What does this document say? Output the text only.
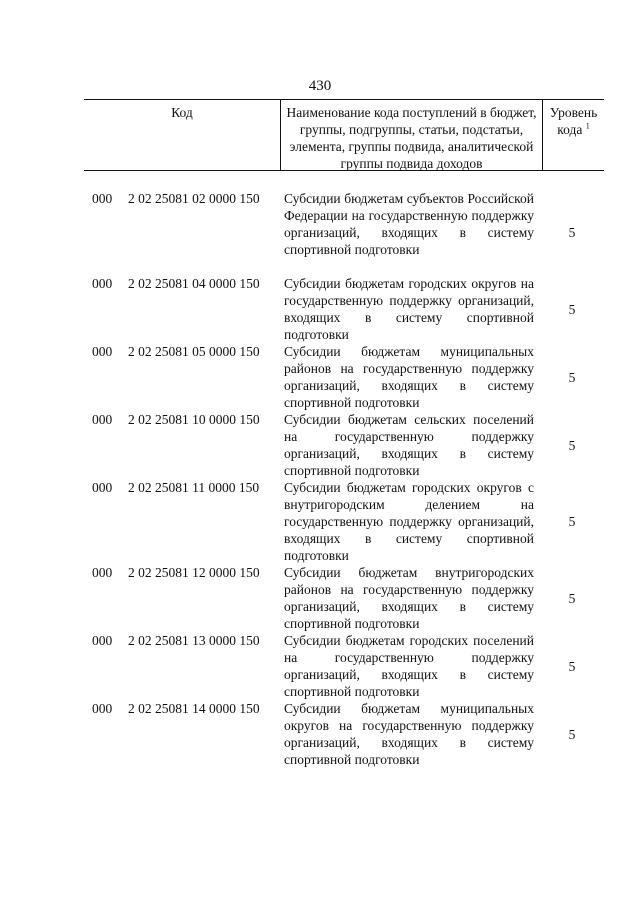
430
Код	Наименование кода поступлений в бюджет, группы, подгруппы, статьи, подстатьи, элемента, группы подвида, аналитической группы подвида доходов
Уровень
кода $^1$
000 2 02 25081 02 0000 150 Субсидии бюджетам субъектов Российской Федерации на государственную поддержку организаций, входящих в систему спортивной подготовки
5
000 2 02 25081 04 0000 150 Субсидии бюджетам городских округов на государственную поддержку организаций, входящих в систему спортивной подготовки
5
000 2 02 25081 05 0000 150 Субсидии бюджетам муниципальных районов на государственную поддержку организаций, входящих в систему спортивной подготовки
5
000 2 02 25081 10 0000 150 Субсидии бюджетам сельских поселений на государственную поддержку организаций, входящих в систему спортивной подготовки
5
000 2 02 25081 11 0000 150 Субсидии бюджетам городских округов с внутригородским делением на государственную поддержку организаций, входящих в систему спортивной подготовки
5
000 2 02 25081 12 0000 150 Субсидии бюджетам внутригородских районов на государственную поддержку организаций, входящих в систему спортивной подготовки
5
000 2 02 25081 13 0000 150 Субсидии бюджетам городских поселений на государственную поддержку организаций, входящих в систему спортивной подготовки
5
000 2 02 25081 14 0000 150 Субсидии бюджетам муниципальных округов на государственную поддержку организаций, входящих в систему спортивной подготовки
5
